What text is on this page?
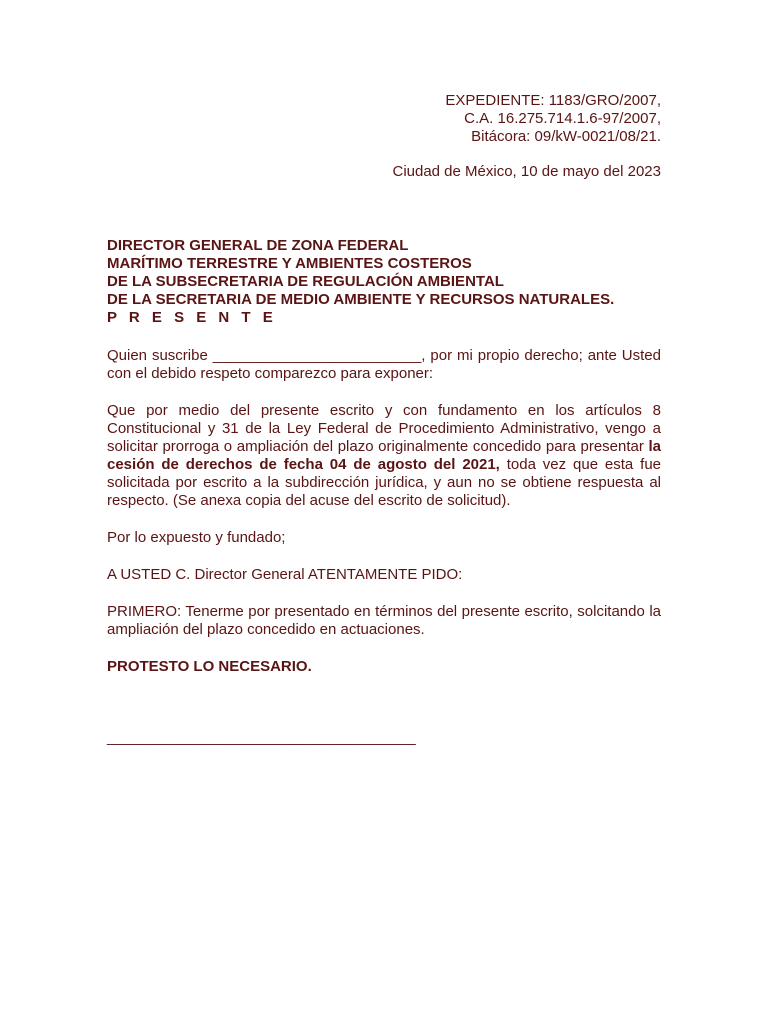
EXPEDIENTE: 1183/GRO/2007,
C.A. 16.275.714.1.6-97/2007,
Bitácora: 09/kW-0021/08/21.
Ciudad de México, 10 de mayo del 2023
DIRECTOR GENERAL DE ZONA FEDERAL
MARÍTIMO TERRESTRE Y AMBIENTES COSTEROS
DE LA SUBSECRETARIA DE REGULACIÓN AMBIENTAL
DE LA SECRETARIA DE MEDIO AMBIENTE Y RECURSOS NATURALES.
P R E S E N T E
Quien suscribe _________________________, por mi propio derecho; ante Usted con el debido respeto comparezco para exponer:
Que por medio del presente escrito y con fundamento en los artículos 8 Constitucional y 31 de la Ley Federal de Procedimiento Administrativo, vengo a solicitar prorroga o ampliación del plazo originalmente concedido para presentar la cesión de derechos de fecha 04 de agosto del 2021, toda vez que esta fue solicitada por escrito a la subdirección jurídica, y aun no se obtiene respuesta al respecto. (Se anexa copia del acuse del escrito de solicitud).
Por lo expuesto y fundado;
A USTED C. Director General ATENTAMENTE PIDO:
PRIMERO: Tenerme por presentado en términos del presente escrito, solcitando la ampliación del plazo concedido en actuaciones.
PROTESTO LO NECESARIO.
_____________________________________
